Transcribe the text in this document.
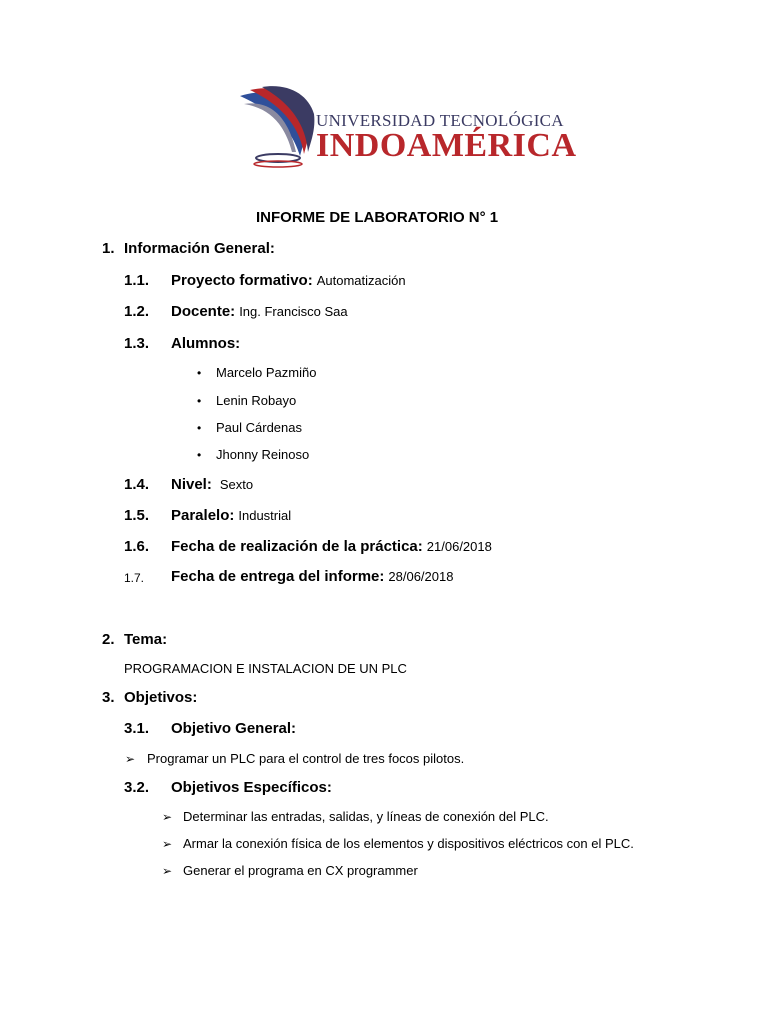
UNIVERSIDAD TECNOLÓGICA
INDOAMÉRICA
INFORME DE LABORATORIO N° 1
1. Información General:
1.1. Proyecto formativo: Automatización
1.2. Docente: Ing. Francisco Saa
1.3. Alumnos:
• Marcelo Pazmiño
• Lenin Robayo
• Paul Cárdenas
• Jhonny Reinoso
1.4. Nivel: Sexto
1.5. Paralelo: Industrial
1.6. Fecha de realización de la práctica: 21/06/2018
1.7. Fecha de entrega del informe: 28/06/2018
2. Tema:
PROGRAMACION E INSTALACION DE UN PLC
3. Objetivos:
3.1. Objetivo General:
➢ Programar un PLC para el control de tres focos pilotos.
3.2. Objetivos Específicos:
➢ Determinar las entradas, salidas, y líneas de conexión del PLC.
➢ Armar la conexión física de los elementos y dispositivos eléctricos con el PLC.
➢ Generar el programa en CX programmer
